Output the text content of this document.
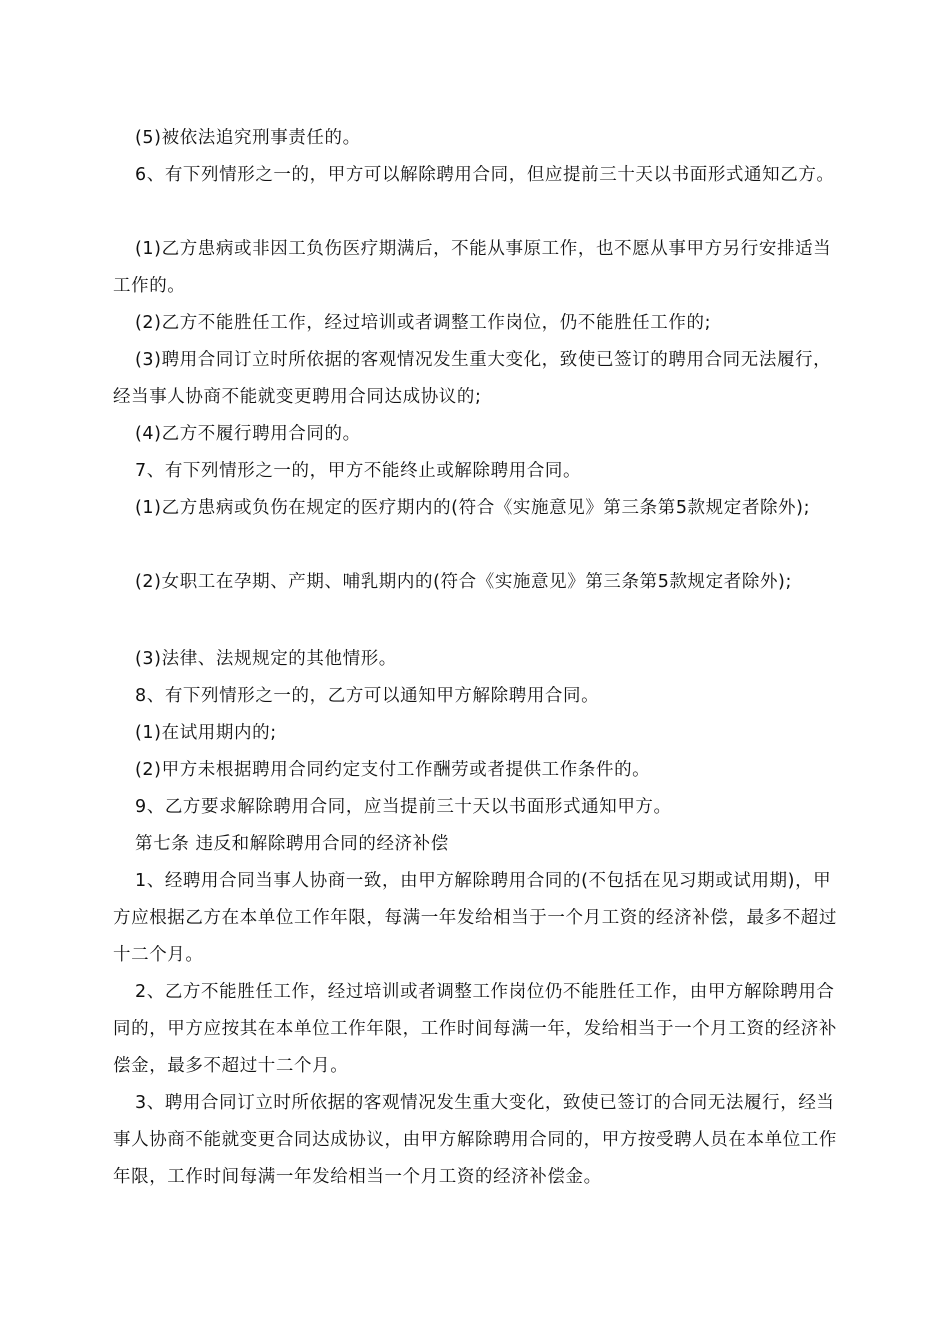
(5)被依法追究刑事责任的。

6、有下列情形之一的，甲方可以解除聘用合同，但应提前三十天以书面形式通知乙方。

(1)乙方患病或非因工负伤医疗期满后，不能从事原工作，也不愿从事甲方另行安排适当工作的。

(2)乙方不能胜任工作，经过培训或者调整工作岗位，仍不能胜任工作的;

(3)聘用合同订立时所依据的客观情况发生重大变化，致使已签订的聘用合同无法履行，经当事人协商不能就变更聘用合同达成协议的;

(4)乙方不履行聘用合同的。

7、有下列情形之一的，甲方不能终止或解除聘用合同。

(1)乙方患病或负伤在规定的医疗期内的(符合《实施意见》第三条第5款规定者除外);

(2)女职工在孕期、产期、哺乳期内的(符合《实施意见》第三条第5款规定者除外);

(3)法律、法规规定的其他情形。

8、有下列情形之一的，乙方可以通知甲方解除聘用合同。

(1)在试用期内的;

(2)甲方未根据聘用合同约定支付工作酬劳或者提供工作条件的。

9、乙方要求解除聘用合同，应当提前三十天以书面形式通知甲方。

第七条 违反和解除聘用合同的经济补偿

1、经聘用合同当事人协商一致，由甲方解除聘用合同的(不包括在见习期或试用期)，甲方应根据乙方在本单位工作年限，每满一年发给相当于一个月工资的经济补偿，最多不超过十二个月。

2、乙方不能胜任工作，经过培训或者调整工作岗位仍不能胜任工作，由甲方解除聘用合同的，甲方应按其在本单位工作年限，工作时间每满一年，发给相当于一个月工资的经济补偿金，最多不超过十二个月。

3、聘用合同订立时所依据的客观情况发生重大变化，致使已签订的合同无法履行，经当事人协商不能就变更合同达成协议，由甲方解除聘用合同的，甲方按受聘人员在本单位工作年限，工作时间每满一年发给相当一个月工资的经济补偿金。
